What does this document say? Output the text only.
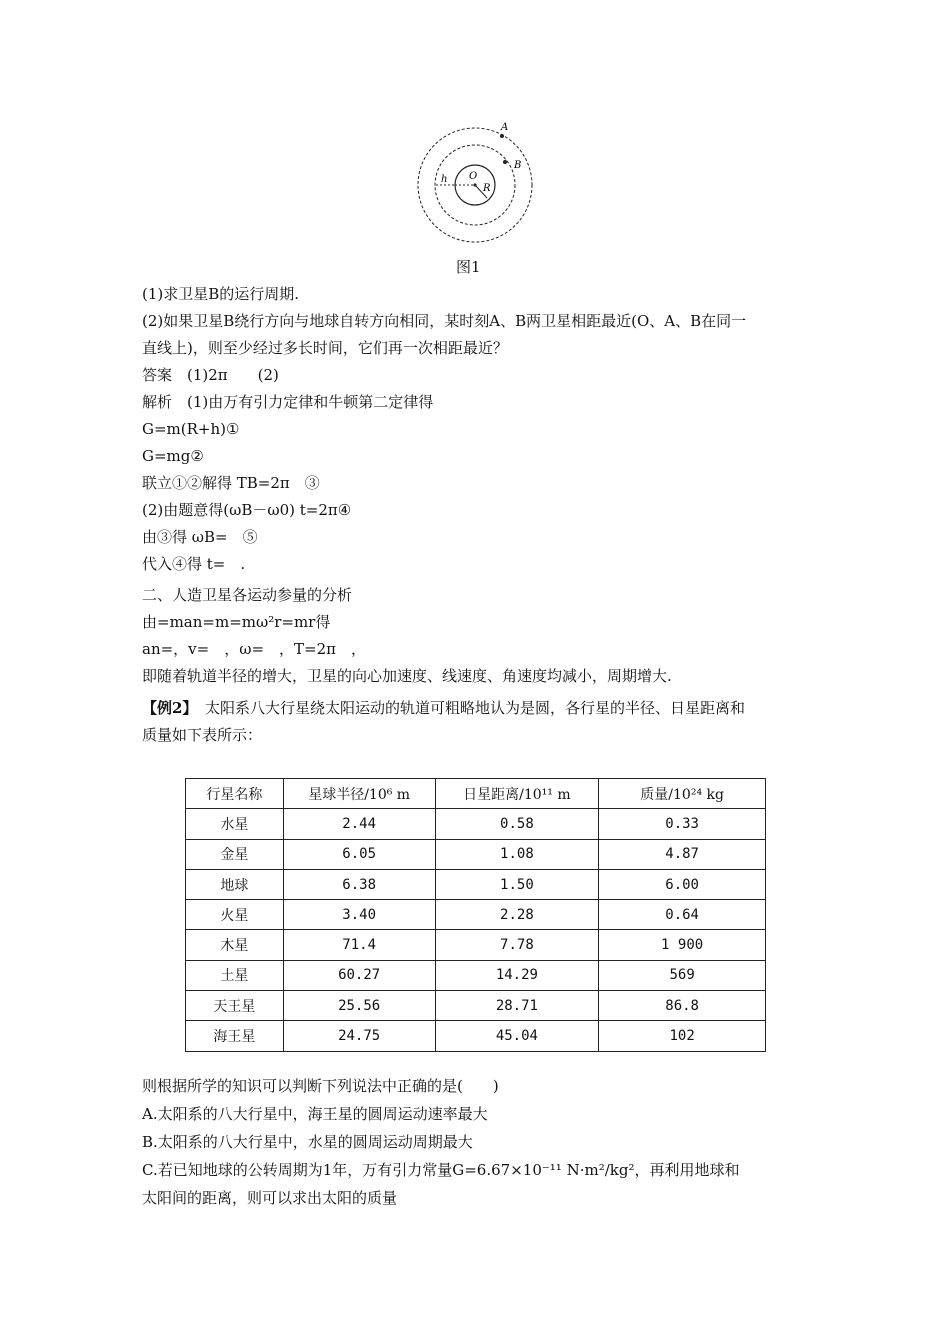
A
B
O
R
h
图1
(1)求卫星B的运行周期.
(2)如果卫星B绕行方向与地球自转方向相同，某时刻A、B两卫星相距最近(O、A、B在同一
直线上)，则至少经过多长时间，它们再一次相距最近？
答案　(1)2π　　(2)
解析　(1)由万有引力定律和牛顿第二定律得
G=m(R+h)①
G=mg②
联立①②解得 TB=2π　③
(2)由题意得(ωB－ω0) t=2π④
由③得 ωB=　⑤
代入④得 t=　.
二、人造卫星各运动参量的分析
由=man=m=mω²r=mr得
an=，v=　，ω=　，T=2π　，
即随着轨道半径的增大，卫星的向心加速度、线速度、角速度均减小，周期增大.
【例2】　太阳系八大行星绕太阳运动的轨道可粗略地认为是圆，各行星的半径、日星距离和
质量如下表所示：
行星名称	星球半径/10⁶ m	日星距离/10¹¹ m	质量/10²⁴ kg
水星	2.44	0.58	0.33
金星	6.05	1.08	4.87
地球	6.38	1.50	6.00
火星	3.40	2.28	0.64
木星	71.4	7.78	1 900
土星	60.27	14.29	569
天王星	25.56	28.71	86.8
海王星	24.75	45.04	102
则根据所学的知识可以判断下列说法中正确的是(　　)
A.太阳系的八大行星中，海王星的圆周运动速率最大
B.太阳系的八大行星中，水星的圆周运动周期最大
C.若已知地球的公转周期为1年，万有引力常量G=6.67×10⁻¹¹ N·m²/kg²，再利用地球和
太阳间的距离，则可以求出太阳的质量
